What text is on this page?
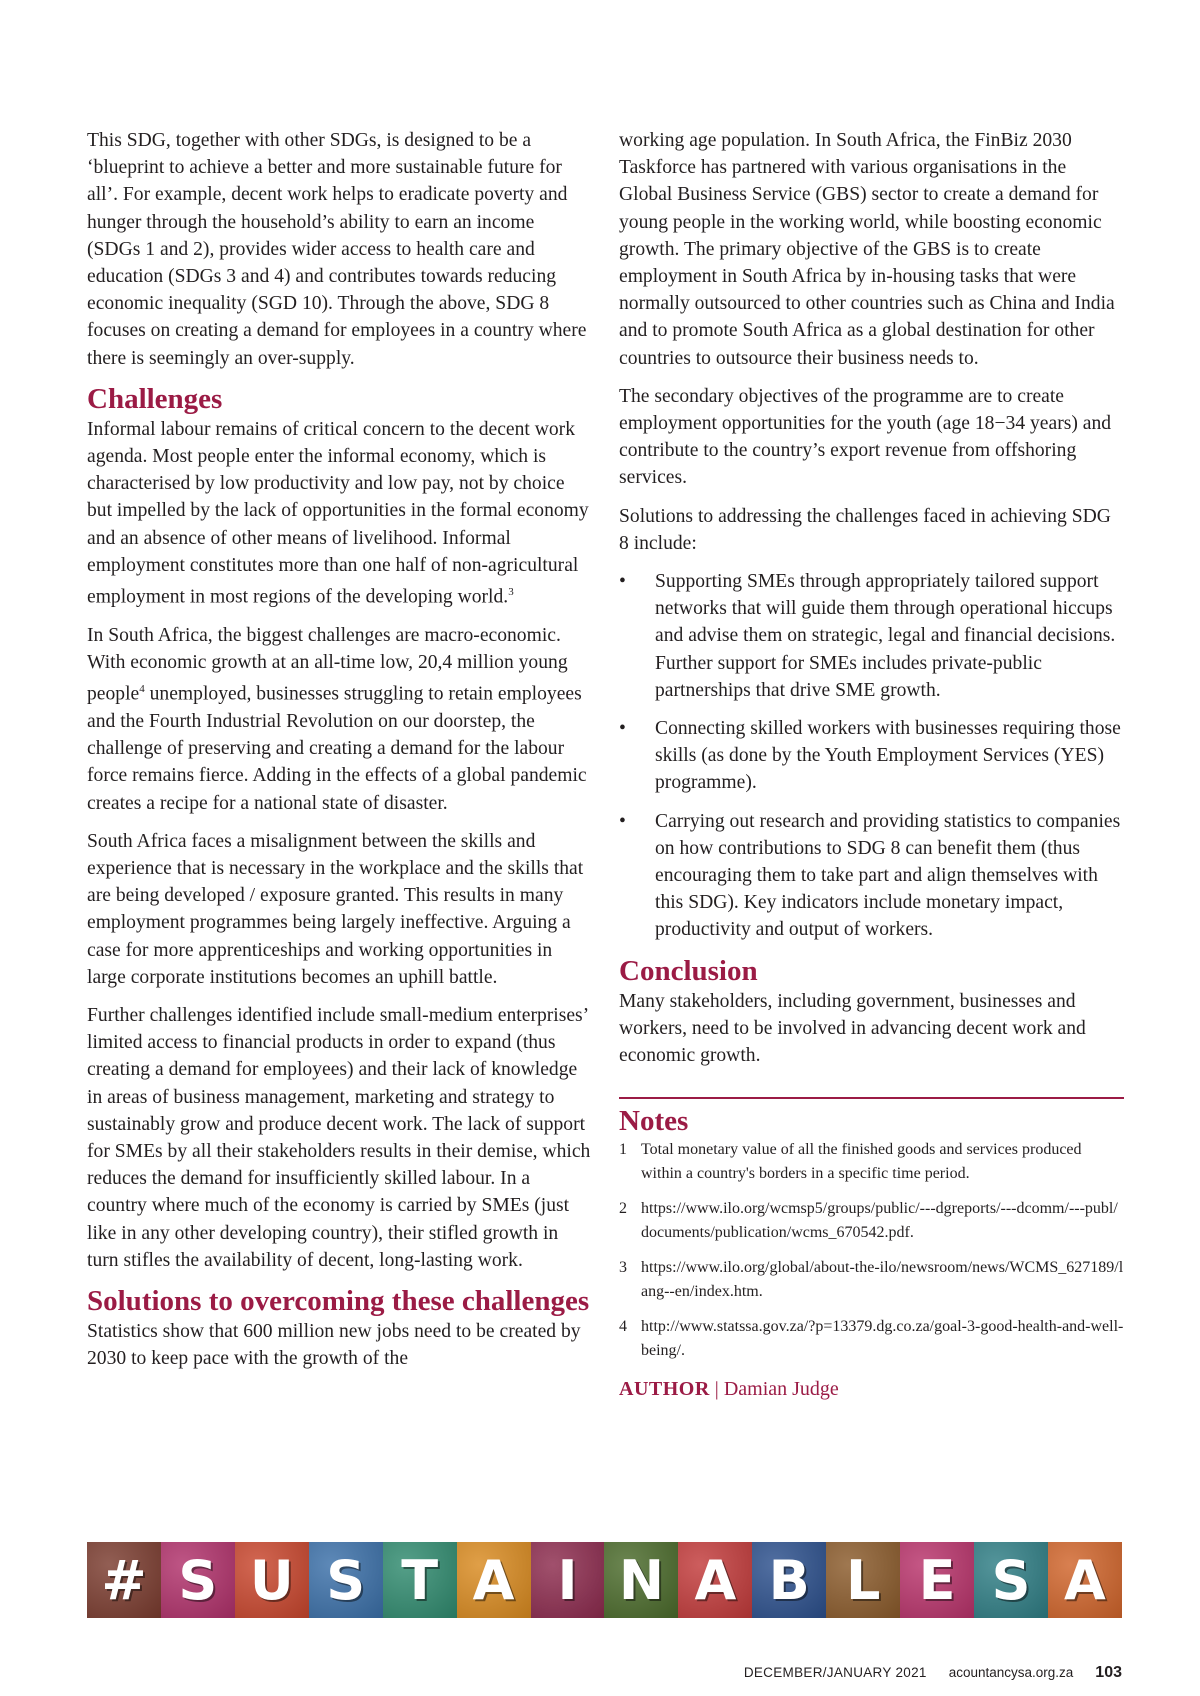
This SDG, together with other SDGs, is designed to be a ‘blueprint to achieve a better and more sustainable future for all’. For example, decent work helps to eradicate poverty and hunger through the household’s ability to earn an income (SDGs 1 and 2), provides wider access to health care and education (SDGs 3 and 4) and contributes towards reducing economic inequality (SGD 10). Through the above, SDG 8 focuses on creating a demand for employees in a country where there is seemingly an over-supply.

Challenges

Informal labour remains of critical concern to the decent work agenda. Most people enter the informal economy, which is characterised by low productivity and low pay, not by choice but impelled by the lack of opportunities in the formal economy and an absence of other means of livelihood. Informal employment constitutes more than one half of non-agricultural employment in most regions of the developing world.$^3$

In South Africa, the biggest challenges are macro-economic. With economic growth at an all-time low, 20,4 million young people$^4$ unemployed, businesses struggling to retain employees and the Fourth Industrial Revolution on our doorstep, the challenge of preserving and creating a demand for the labour force remains fierce. Adding in the effects of a global pandemic creates a recipe for a national state of disaster.

South Africa faces a misalignment between the skills and experience that is necessary in the workplace and the skills that are being developed / exposure granted. This results in many employment programmes being largely ineffective. Arguing a case for more apprenticeships and working opportunities in large corporate institutions becomes an uphill battle.

Further challenges identified include small-medium enterprises’ limited access to financial products in order to expand (thus creating a demand for employees) and their lack of knowledge in areas of business management, marketing and strategy to sustainably grow and produce decent work. The lack of support for SMEs by all their stakeholders results in their demise, which reduces the demand for insufficiently skilled labour. In a country where much of the economy is carried by SMEs (just like in any other developing country), their stifled growth in turn stifles the availability of decent, long-lasting work.

Solutions to overcoming these challenges

Statistics show that 600 million new jobs need to be created by 2030 to keep pace with the growth of the

working age population. In South Africa, the FinBiz 2030 Taskforce has partnered with various organisations in the Global Business Service (GBS) sector to create a demand for young people in the working world, while boosting economic growth. The primary objective of the GBS is to create employment in South Africa by in-housing tasks that were normally outsourced to other countries such as China and India and to promote South Africa as a global destination for other countries to outsource their business needs to.

The secondary objectives of the programme are to create employment opportunities for the youth (age 18−34 years) and contribute to the country’s export revenue from offshoring services.

Solutions to addressing the challenges faced in achieving SDG 8 include:

• Supporting SMEs through appropriately tailored support networks that will guide them through operational hiccups and advise them on strategic, legal and financial decisions. Further support for SMEs includes private-public partnerships that drive SME growth.
• Connecting skilled workers with businesses requiring those skills (as done by the Youth Employment Services (YES) programme).
• Carrying out research and providing statistics to companies on how contributions to SDG 8 can benefit them (thus encouraging them to take part and align themselves with this SDG). Key indicators include monetary impact, productivity and output of workers.
Conclusion

Many stakeholders, including government, businesses and workers, need to be involved in advancing decent work and economic growth.

Notes
1 Total monetary value of all the finished goods and services produced within a country's borders in a specific time period.
2 https://www.ilo.org/wcmsp5/groups/public/---dgreports/---dcomm/---publ/documents/publication/wcms_670542.pdf.
3 https://www.ilo.org/global/about-the-ilo/newsroom/news/WCMS_627189/lang--en/index.htm.
4 http://www.statssa.gov.za/?p=13379.dg.co.za/goal-3-good-health-and-well-being/.
AUTHOR | Damian Judge
# S U S T A I N A B L E S A
DECEMBER/JANUARY 2021 acountancysa.org.za 103
